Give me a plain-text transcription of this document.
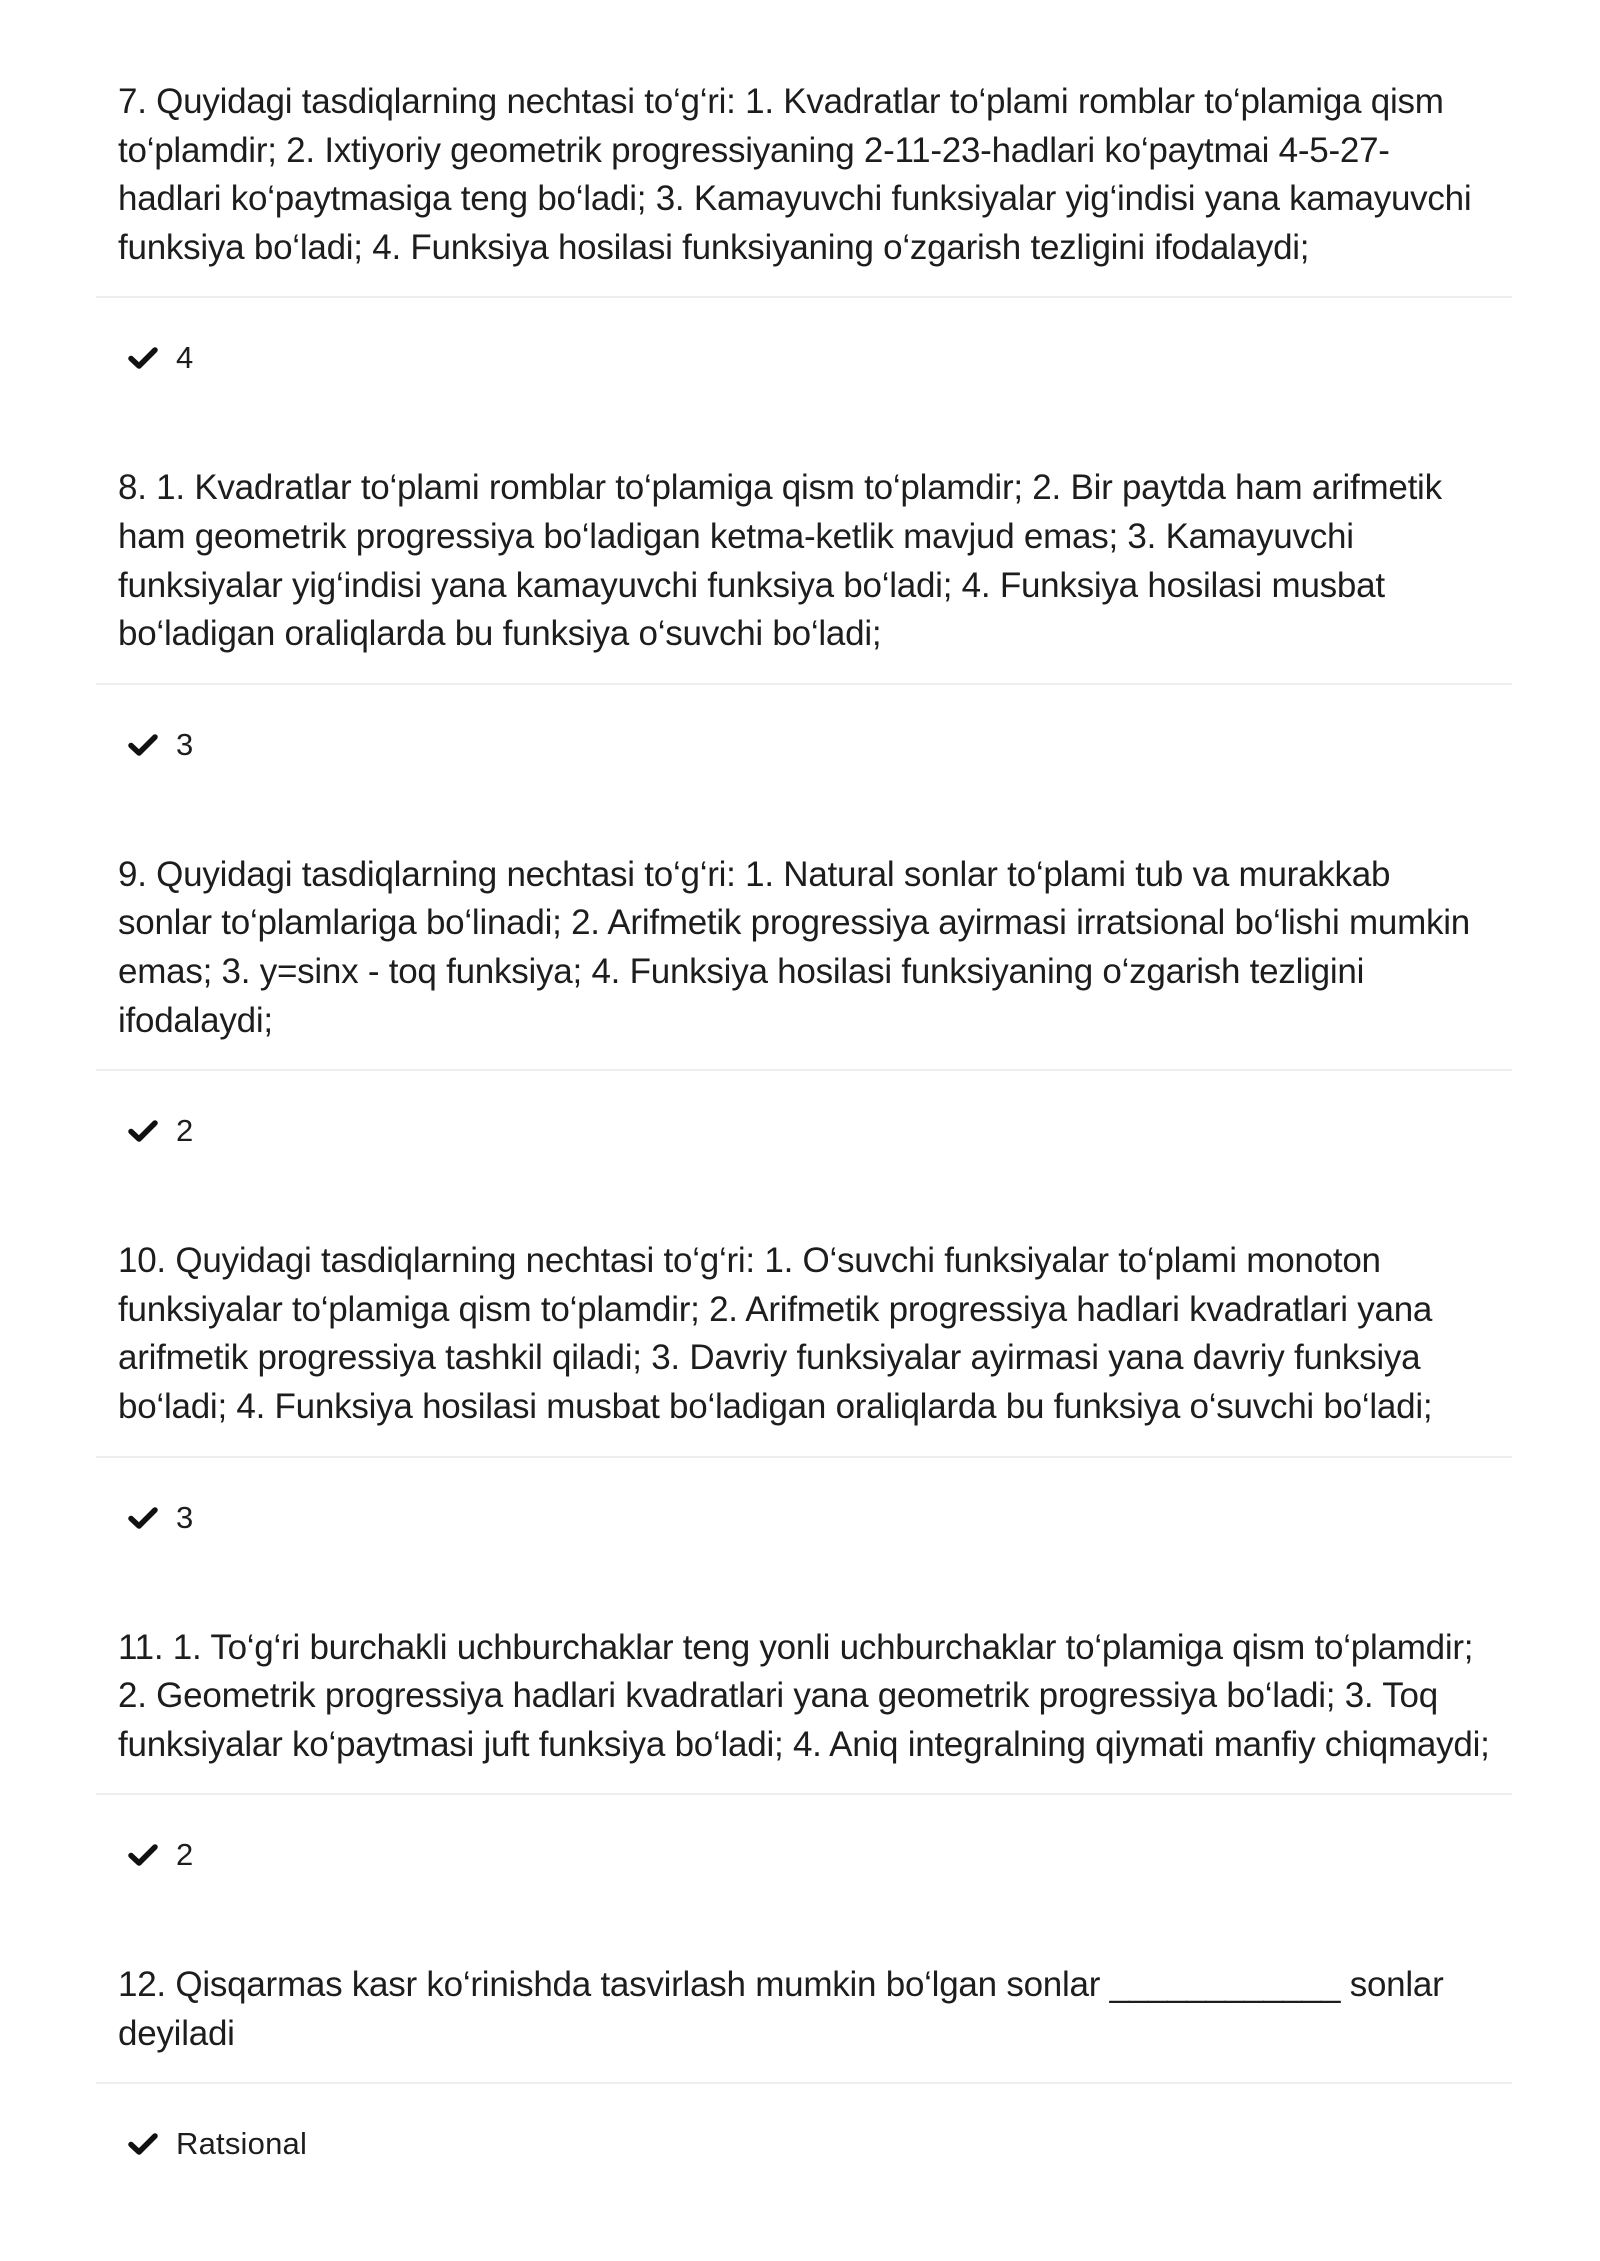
7. Quyidagi tasdiqlarning nechtasi to‘g‘ri: 1. Kvadratlar to‘plami romblar to‘plamiga qism to‘plamdir; 2. Ixtiyoriy geometrik progressiyaning 2-11-23-hadlari ko‘paytmai 4-5-27-hadlari ko‘paytmasiga teng bo‘ladi; 3. Kamayuvchi funksiyalar yig‘indisi yana kamayuvchi funksiya bo‘ladi; 4. Funksiya hosilasi funksiyaning o‘zgarish tezligini ifodalaydi;
4
8. 1. Kvadratlar to‘plami romblar to‘plamiga qism to‘plamdir; 2. Bir paytda ham arifmetik ham geometrik progressiya bo‘ladigan ketma-ketlik mavjud emas; 3. Kamayuvchi funksiyalar yig‘indisi yana kamayuvchi funksiya bo‘ladi; 4. Funksiya hosilasi musbat bo‘ladigan oraliqlarda bu funksiya o‘suvchi bo‘ladi;
3
9. Quyidagi tasdiqlarning nechtasi to‘g‘ri: 1. Natural sonlar to‘plami tub va murakkab sonlar to‘plamlariga bo‘linadi; 2. Arifmetik progressiya ayirmasi irratsional bo‘lishi mumkin emas; 3. y=sinx - toq funksiya; 4. Funksiya hosilasi funksiyaning o‘zgarish tezligini ifodalaydi;
2
10. Quyidagi tasdiqlarning nechtasi to‘g‘ri: 1. O‘suvchi funksiyalar to‘plami monoton funksiyalar to‘plamiga qism to‘plamdir; 2. Arifmetik progressiya hadlari kvadratlari yana arifmetik progressiya tashkil qiladi; 3. Davriy funksiyalar ayirmasi yana davriy funksiya bo‘ladi; 4. Funksiya hosilasi musbat bo‘ladigan oraliqlarda bu funksiya o‘suvchi bo‘ladi;
3
11. 1. To‘g‘ri burchakli uchburchaklar teng yonli uchburchaklar to‘plamiga qism to‘plamdir; 2. Geometrik progressiya hadlari kvadratlari yana geometrik progressiya bo‘ladi; 3. Toq funksiyalar ko‘paytmasi juft funksiya bo‘ladi; 4. Aniq integralning qiymati manfiy chiqmaydi;
2
12. Qisqarmas kasr ko‘rinishda tasvirlash mumkin bo‘lgan sonlar ____________ sonlar deyiladi
Ratsional
